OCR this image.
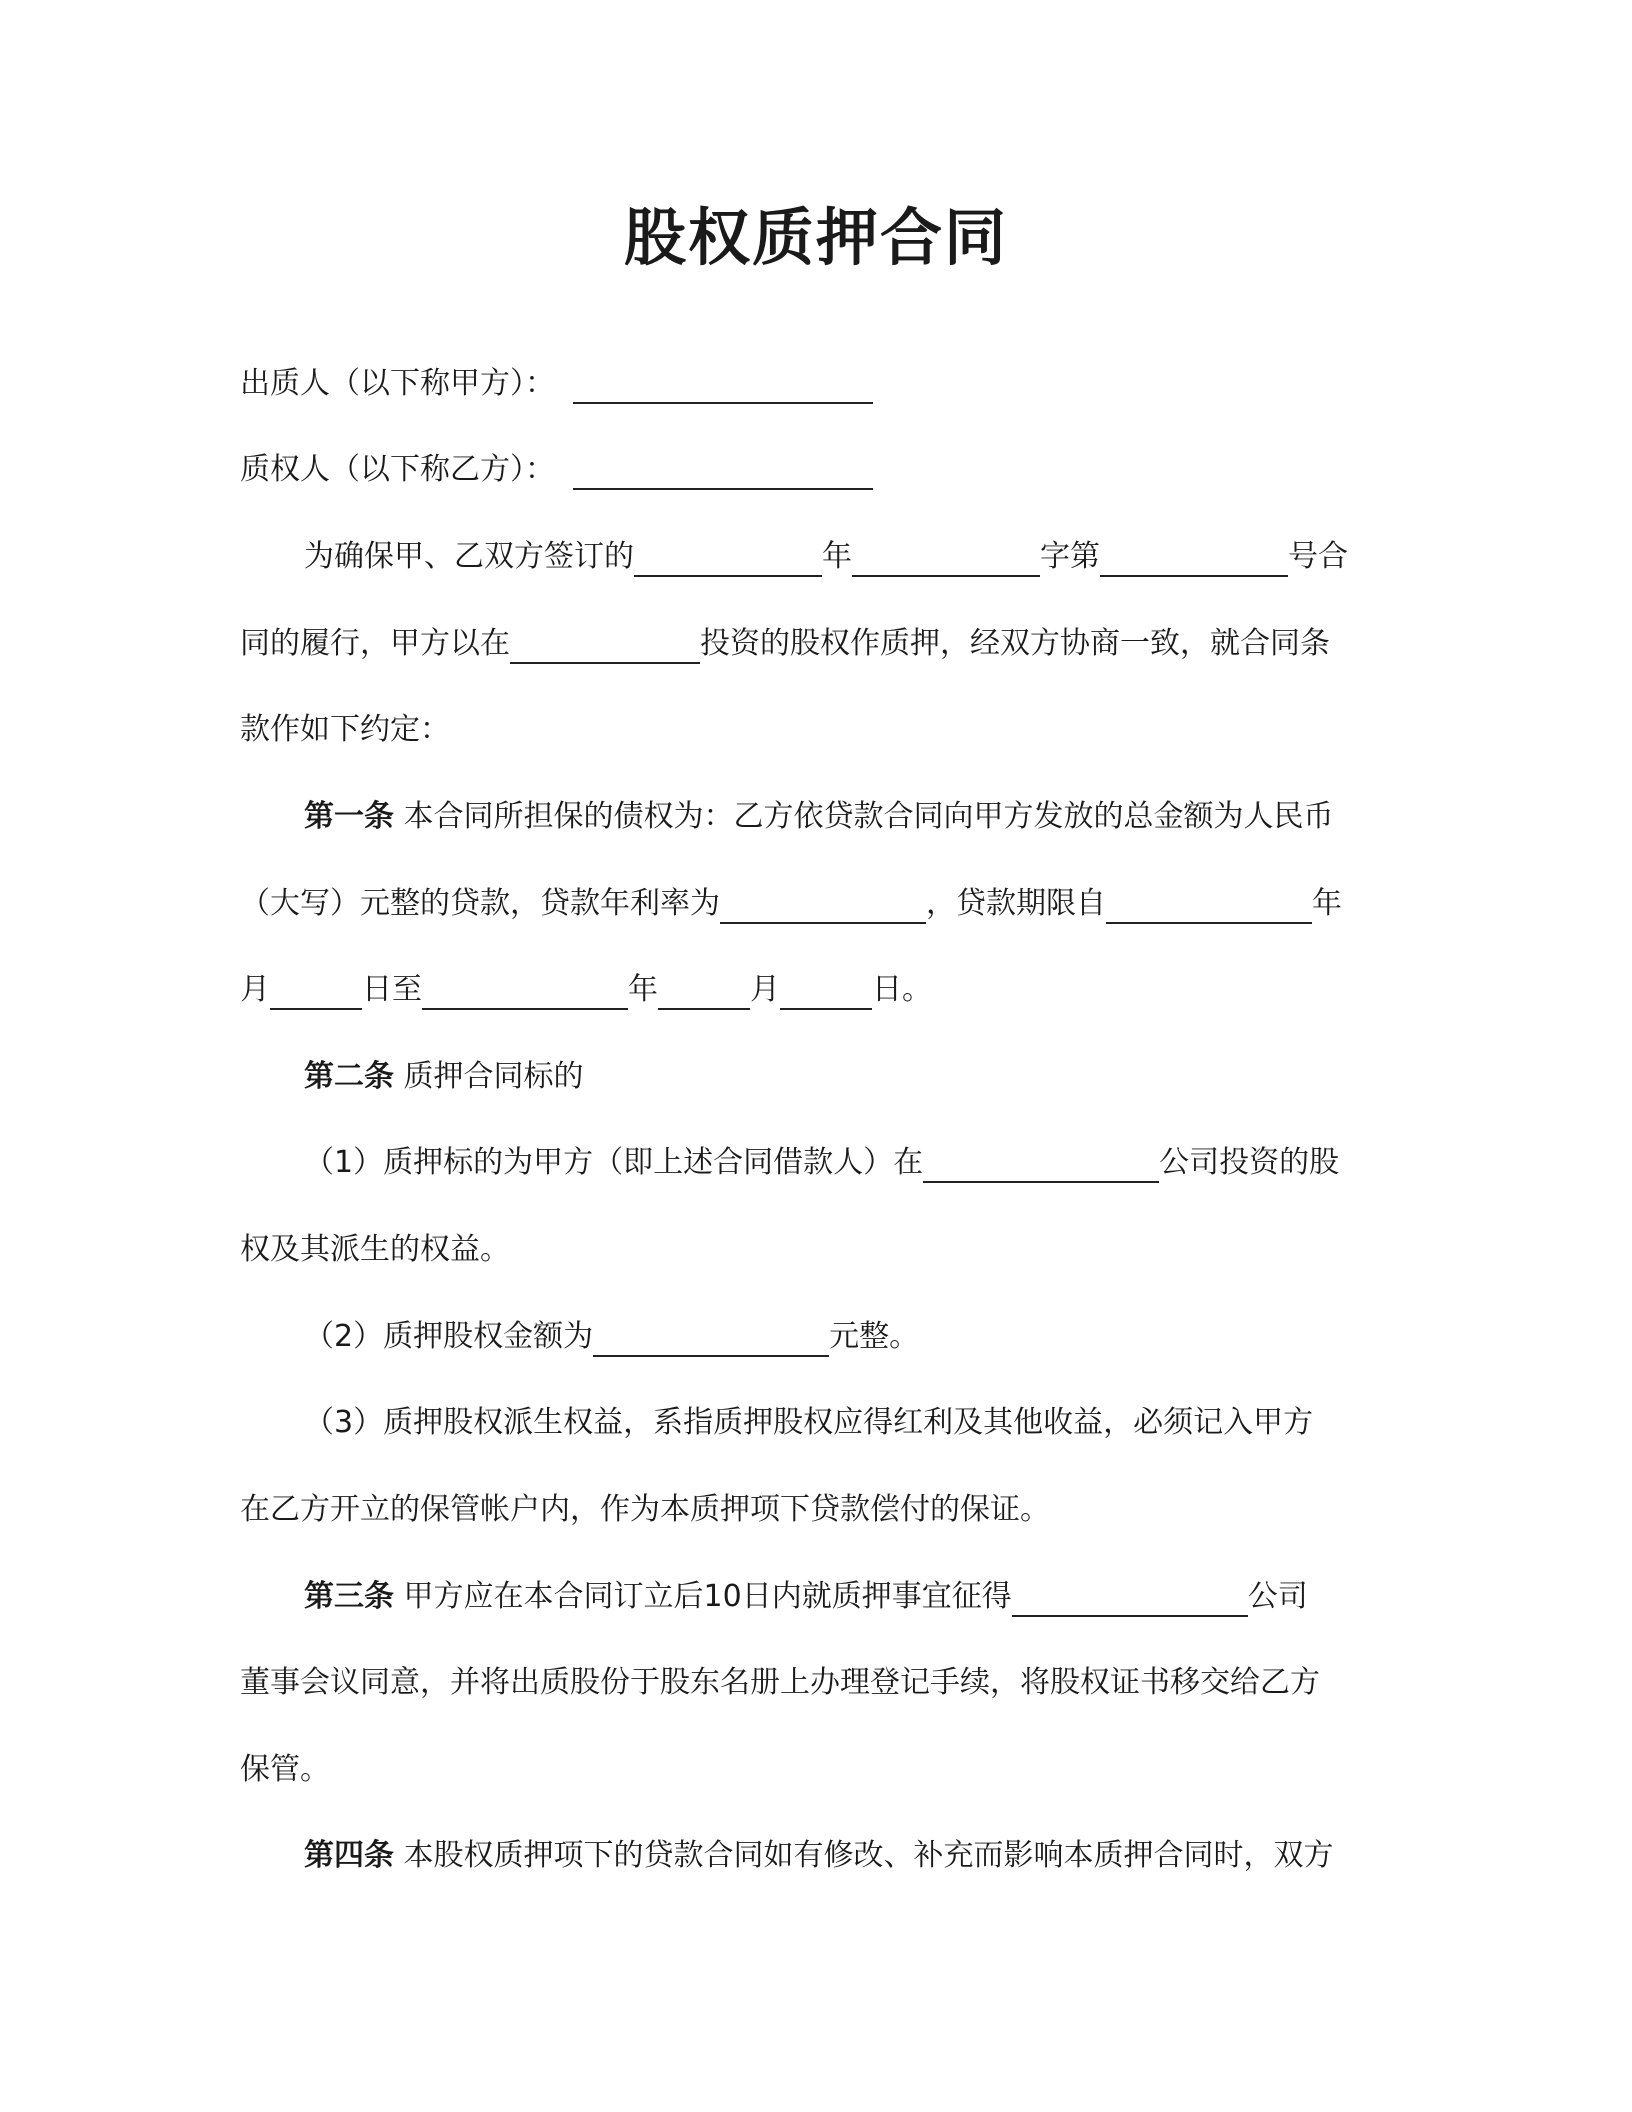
股权质押合同
出质人（以下称甲方）：
质权人（以下称乙方）：
为确保甲、乙双方签订的	年	字第	号合
同的履行，甲方以在	投资的股权作质押，经双方协商一致，就合同条
款作如下约定：
第一条 本合同所担保的债权为：乙方依贷款合同向甲方发放的总金额为人民币
（大写）元整的贷款，贷款年利率为	，贷款期限自	年
月	日至	年	月	日。
第二条 质押合同标的
（1）质押标的为甲方（即上述合同借款人）在	公司投资的股
权及其派生的权益。
（2）质押股权金额为	元整。
（3）质押股权派生权益，系指质押股权应得红利及其他收益，必须记入甲方
在乙方开立的保管帐户内，作为本质押项下贷款偿付的保证。
第三条 甲方应在本合同订立后10日内就质押事宜征得	公司
董事会议同意，并将出质股份于股东名册上办理登记手续，将股权证书移交给乙方
保管。
第四条 本股权质押项下的贷款合同如有修改、补充而影响本质押合同时，双方
